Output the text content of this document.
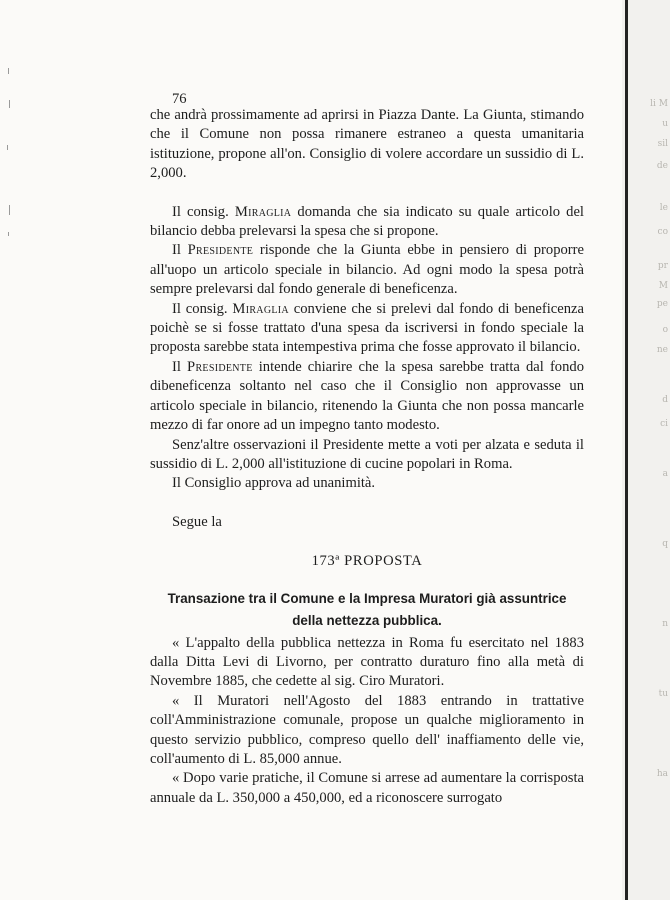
li M
u
sil
de
le
co
pr
M
pe
o
ne
d
ci
a
q
n
tu
ha
76
che andrà prossimamente ad aprirsi in Piazza Dante. La Giunta, stimando che il Comune non possa rimanere estraneo a questa umanitaria istituzione, propone all'on. Consiglio di volere accordare un sussidio di L. 2,000.
Il consig. Miraglia domanda che sia indicato su quale articolo del bilancio debba prelevarsi la spesa che si propone.
Il Presidente risponde che la Giunta ebbe in pensiero di proporre all'uopo un articolo speciale in bilancio. Ad ogni modo la spesa potrà sempre prelevarsi dal fondo generale di beneficenza.
Il consig. Miraglia conviene che si prelevi dal fondo di beneficenza poichè se si fosse trattato d'una spesa da iscriversi in fondo speciale la proposta sarebbe stata intempestiva prima che fosse approvato il bilancio.
Il Presidente intende chiarire che la spesa sarebbe tratta dal fondo dibeneficenza soltanto nel caso che il Consiglio non approvasse un articolo speciale in bilancio, ritenendo la Giunta che non possa mancarle mezzo di far onore ad un impegno tanto modesto.
Senz'altre osservazioni il Presidente mette a voti per alzata e seduta il sussidio di L. 2,000 all'istituzione di cucine popolari in Roma.
Il Consiglio approva ad unanimità.
Segue la
173ª PROPOSTA
Transazione tra il Comune e la Impresa Muratori già assuntrice
della nettezza pubblica.
« L'appalto della pubblica nettezza in Roma fu esercitato nel 1883 dalla Ditta Levi di Livorno, per contratto duraturo fino alla metà di Novembre 1885, che cedette al sig. Ciro Muratori.
« Il Muratori nell'Agosto del 1883 entrando in trattative coll'Amministrazione comunale, propose un qualche miglioramento in questo servizio pubblico, compreso quello dell' inaffiamento delle vie, coll'aumento di L. 85,000 annue.
« Dopo varie pratiche, il Comune si arrese ad aumentare la corrisposta annuale da L. 350,000 a 450,000, ed a riconoscere surrogato
